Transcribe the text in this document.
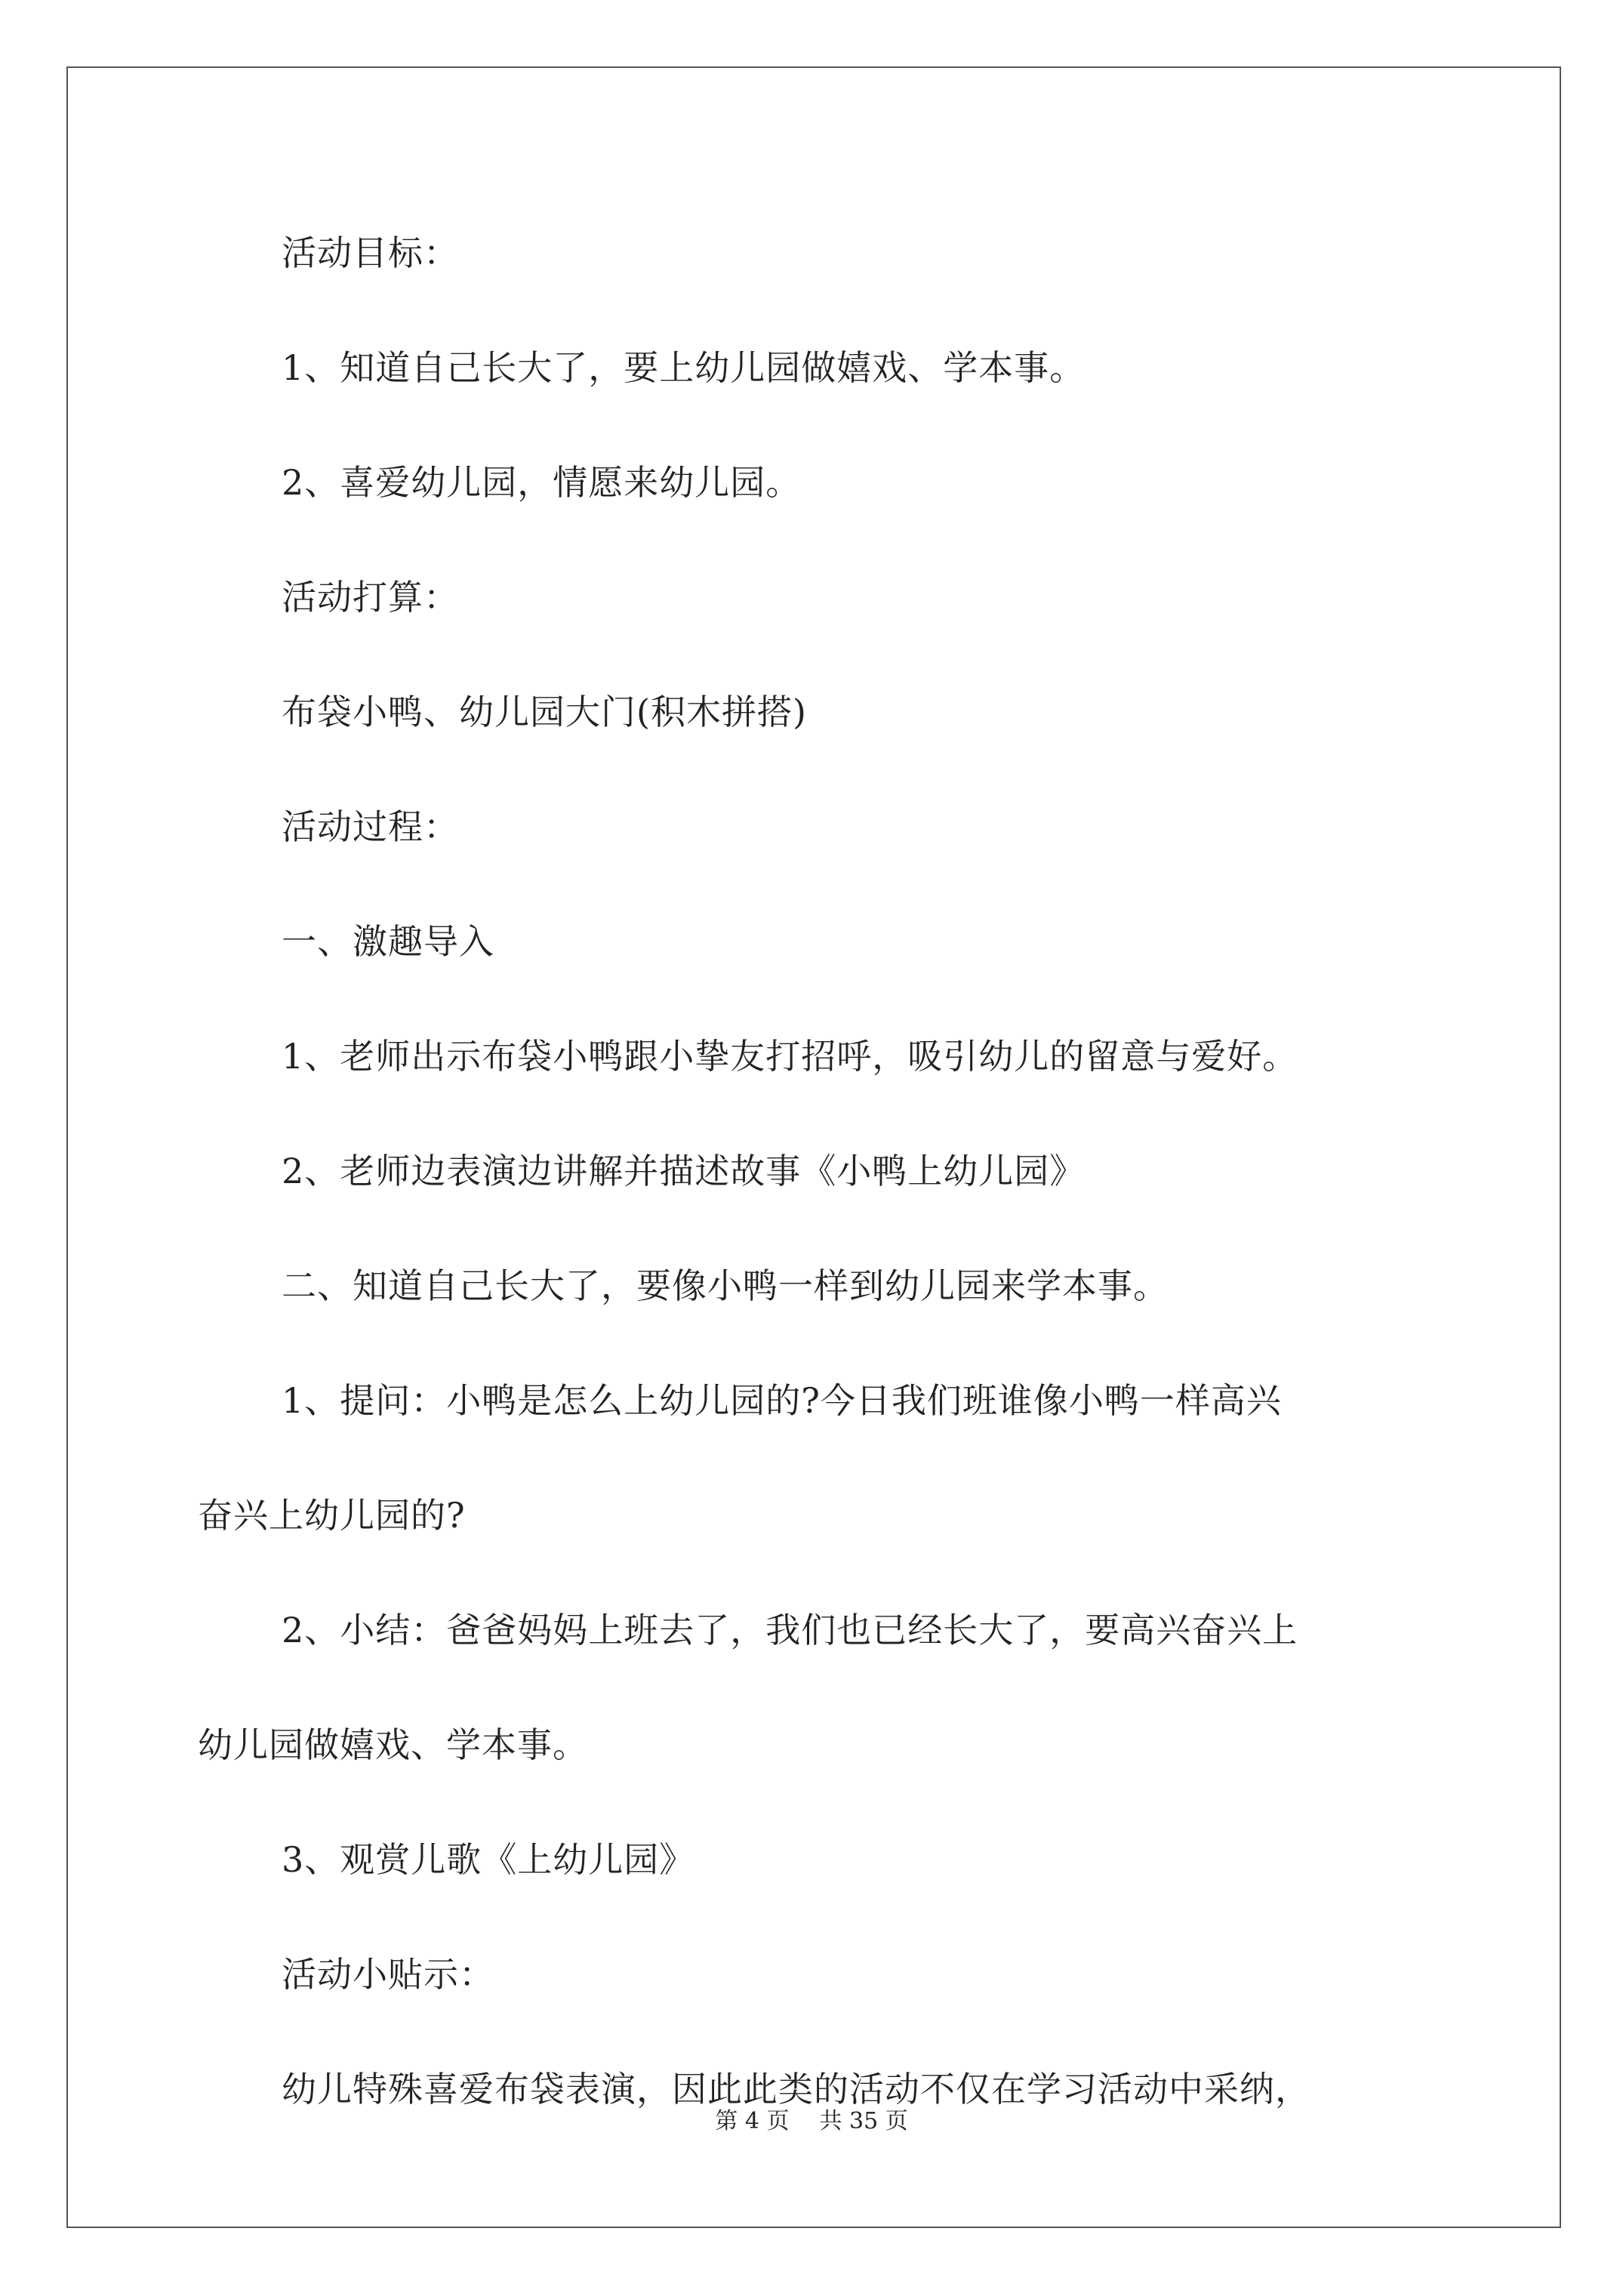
活动目标：

1、知道自己长大了，要上幼儿园做嬉戏、学本事。

2、喜爱幼儿园，情愿来幼儿园。

活动打算：

布袋小鸭、幼儿园大门(积木拼搭)

活动过程：

一、激趣导入

1、老师出示布袋小鸭跟小挚友打招呼，吸引幼儿的留意与爱好。

2、老师边表演边讲解并描述故事《小鸭上幼儿园》

二、知道自己长大了，要像小鸭一样到幼儿园来学本事。

1、提问：小鸭是怎么上幼儿园的?今日我们班谁像小鸭一样高兴

奋兴上幼儿园的?

2、小结：爸爸妈妈上班去了，我们也已经长大了，要高兴奋兴上

幼儿园做嬉戏、学本事。

3、观赏儿歌《上幼儿园》

活动小贴示：

幼儿特殊喜爱布袋表演，因此此类的活动不仅在学习活动中采纳，

第 4 页 共 35 页
